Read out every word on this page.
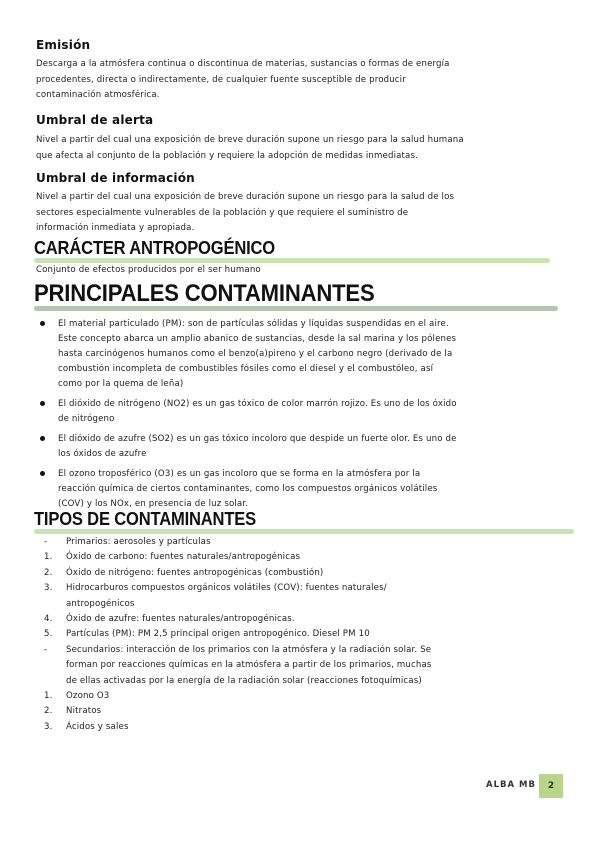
Emisión
Descarga a la atmósfera continua o discontinua de materias, sustancias o formas de energía
procedentes, directa o indirectamente, de cualquier fuente susceptible de producir
contaminación atmosférica.
Umbral de alerta
Nivel a partir del cual una exposición de breve duración supone un riesgo para la salud humana
que afecta al conjunto de la población y requiere la adopción de medidas inmediatas.
Umbral de información
Nivel a partir del cual una exposición de breve duración supone un riesgo para la salud de los
sectores especialmente vulnerables de la población y que requiere el suministro de
información inmediata y apropiada.
CARÁCTER ANTROPOGÉNICO
Conjunto de efectos producidos por el ser humano
PRINCIPALES CONTAMINANTES
El material particulado (PM): son de partículas sólidas y líquidas suspendidas en el aire.
Este concepto abarca un amplio abanico de sustancias, desde la sal marina y los pólenes
hasta carcinógenos humanos como el benzo(a)pireno y el carbono negro (derivado de la
combustión incompleta de combustibles fósiles como el diesel y el combustóleo, así
como por la quema de leña)
El dióxido de nitrógeno (NO2) es un gas tóxico de color marrón rojizo. Es uno de los óxido
de nitrógeno
El dióxido de azufre (SO2) es un gas tóxico incoloro que despide un fuerte olor. Es uno de
los óxidos de azufre
El ozono troposférico (O3) es un gas incoloro que se forma en la atmósfera por la
reacción química de ciertos contaminantes, como los compuestos orgánicos volátiles
(COV) y los NOx, en presencia de luz solar.
TIPOS DE CONTAMINANTES
- Primarios: aerosoles y partículas
1. Óxido de carbono: fuentes naturales/antropogénicas
2. Óxido de nitrógeno: fuentes antropogénicas (combustión)
3. Hidrocarburos compuestos orgánicos volátiles (COV): fuentes naturales/
antropogénicos
4. Óxido de azufre: fuentes naturales/antropogénicas.
5. Partículas (PM): PM 2,5 principal origen antropogénico. Diesel PM 10
- Secundarios: interacción de los primarios con la atmósfera y la radiación solar. Se
forman por reacciones químicas en la atmósfera a partir de los primarios, muchas
de ellas activadas por la energía de la radiación solar (reacciones fotoquímicas)
1. Ozono O3
2. Nitratos
3. Ácidos y sales
ALBA MB	2
